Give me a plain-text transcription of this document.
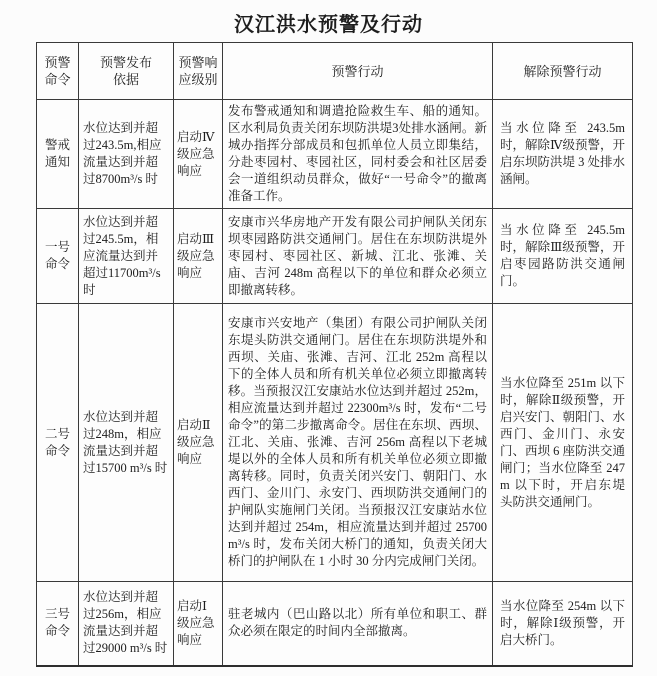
汉江洪水预警及行动
预警命令	预警发布依据	预警响应级别	预警行动	解除预警行动
警戒通知	水位达到并超过243.5m,相应流量达到并超过8700m³/s 时	启动Ⅳ级应急响应	发布警戒通知和调遣抢险救生车、船的通知。区水利局负责关闭东坝防洪堤3处排水涵闸。新城办指挥分部成员和包抓单位人员立即集结，分赴枣园村、枣园社区，同村委会和社区居委会一道组织动员群众，做好“一号命令”的撤离准备工作。	当水位降至 243.5m 时，解除Ⅳ级预警，开启东坝防洪堤 3 处排水涵闸。
一号命令	水位达到并超过245.5m，相应流量达到并超过11700m³/s 时	启动Ⅲ级应急响应	安康市兴华房地产开发有限公司护闸队关闭东坝枣园路防洪交通闸门。居住在东坝防洪堤外枣园村、枣园社区、新城、江北、张滩、关庙、吉河 248m 高程以下的单位和群众必须立即撤离转移。	当水位降至 245.5m 时，解除Ⅲ级预警，开启枣园路防洪交通闸门。
二号命令	水位达到并超过248m，相应流量达到并超过15700 m³/s 时	启动Ⅱ级应急响应	安康市兴安地产（集团）有限公司护闸队关闭东堤头防洪交通闸门。居住在东坝防洪堤外和西坝、关庙、张滩、吉河、江北 252m 高程以下的全体人员和所有机关单位必须立即撤离转移。当预报汉江安康站水位达到并超过 252m，相应流量达到并超过 22300m³/s 时，发布“二号命令”的第二步撤离命令。居住在东坝、西坝、江北、关庙、张滩、吉河 256m 高程以下老城堤以外的全体人员和所有机关单位必须立即撤离转移。同时，负责关闭兴安门、朝阳门、水西门、金川门、永安门、西坝防洪交通闸门的护闸队实施闸门关闭。当预报汉江安康站水位达到并超过 254m，相应流量达到并超过 25700 m³/s 时，发布关闭大桥门的通知，负责关闭大桥门的护闸队在 1 小时 30 分内完成闸门关闭。	当水位降至 251m 以下时，解除Ⅱ级预警，开启兴安门、朝阳门、水西门、金川门、永安门、西坝 6 座防洪交通闸门；当水位降至 247m 以下时，开启东堤头防洪交通闸门。
三号命令	水位达到并超过256m，相应流量达到并超过29000 m³/s 时	启动Ⅰ级应急响应	驻老城内（巴山路以北）所有单位和职工、群众必须在限定的时间内全部撤离。	当水位降至 254m 以下时，解除Ⅰ级预警，开启大桥门。
